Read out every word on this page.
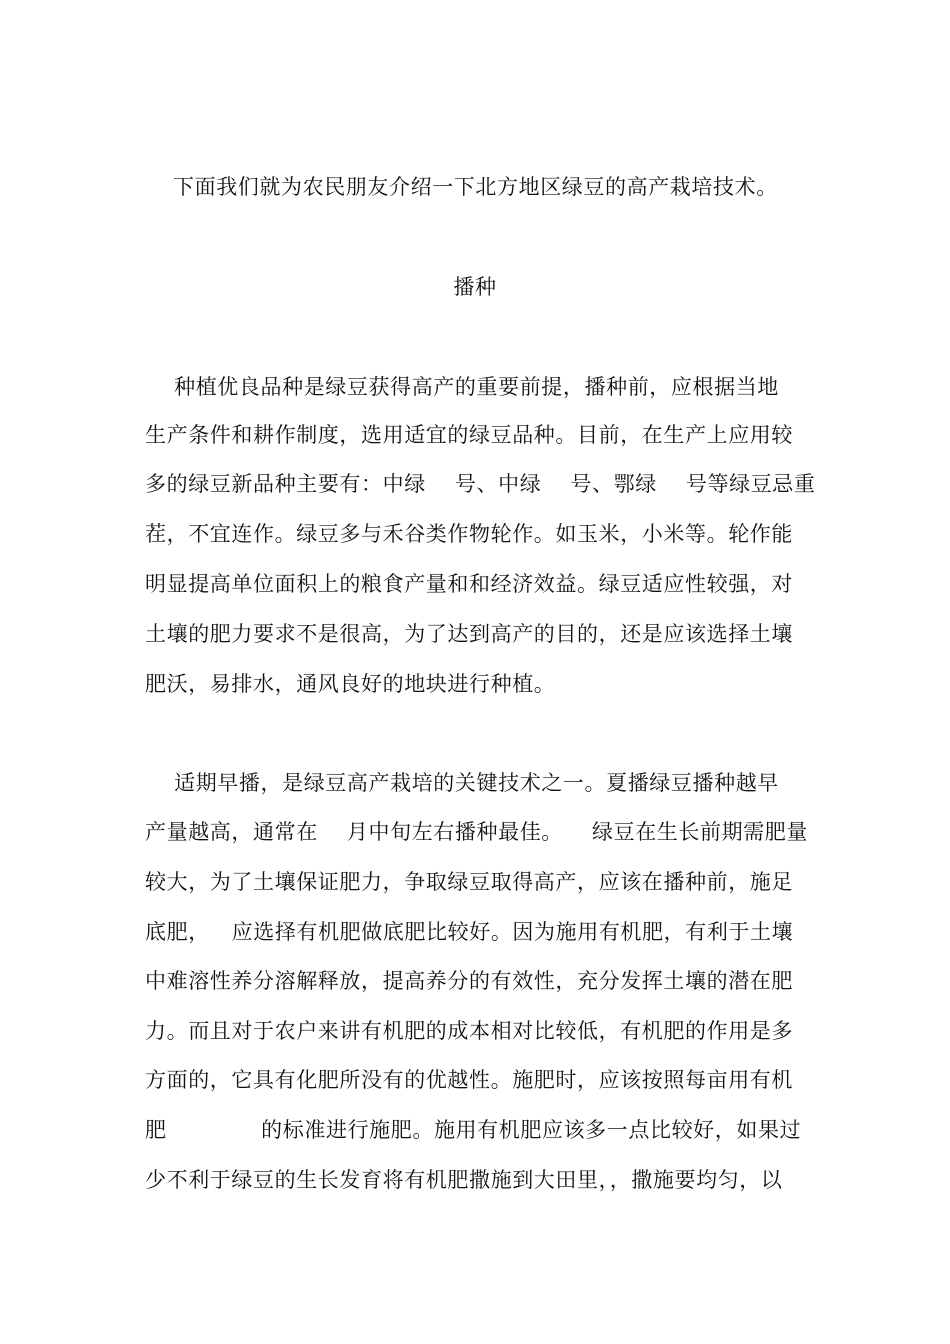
下面我们就为农民朋友介绍一下北方地区绿豆的高产栽培技术。
播种
种植优良品种是绿豆获得高产的重要前提，播种前，应根据当地
生产条件和耕作制度，选用适宜的绿豆品种。目前，在生产上应用较
多的绿豆新品种主要有：中绿    号、中绿    号、鄂绿    号等绿豆忌重
茬，不宜连作。绿豆多与禾谷类作物轮作。如玉米，小米等。轮作能
明显提高单位面积上的粮食产量和和经济效益。绿豆适应性较强，对
土壤的肥力要求不是很高，为了达到高产的目的，还是应该选择土壤
肥沃，易排水，通风良好的地块进行种植。
适期早播，是绿豆高产栽培的关键技术之一。夏播绿豆播种越早
产量越高，通常在    月中旬左右播种最佳。    绿豆在生长前期需肥量
较大，为了土壤保证肥力，争取绿豆取得高产，应该在播种前，施足
底肥，   应选择有机肥做底肥比较好。因为施用有机肥，有利于土壤
中难溶性养分溶解释放，提高养分的有效性，充分发挥土壤的潜在肥
力。而且对于农户来讲有机肥的成本相对比较低，有机肥的作用是多
方面的，它具有化肥所没有的优越性。施肥时，应该按照每亩用有机
肥             的标准进行施肥。施用有机肥应该多一点比较好，如果过
少不利于绿豆的生长发育将有机肥撒施到大田里，，撒施要均匀，以
